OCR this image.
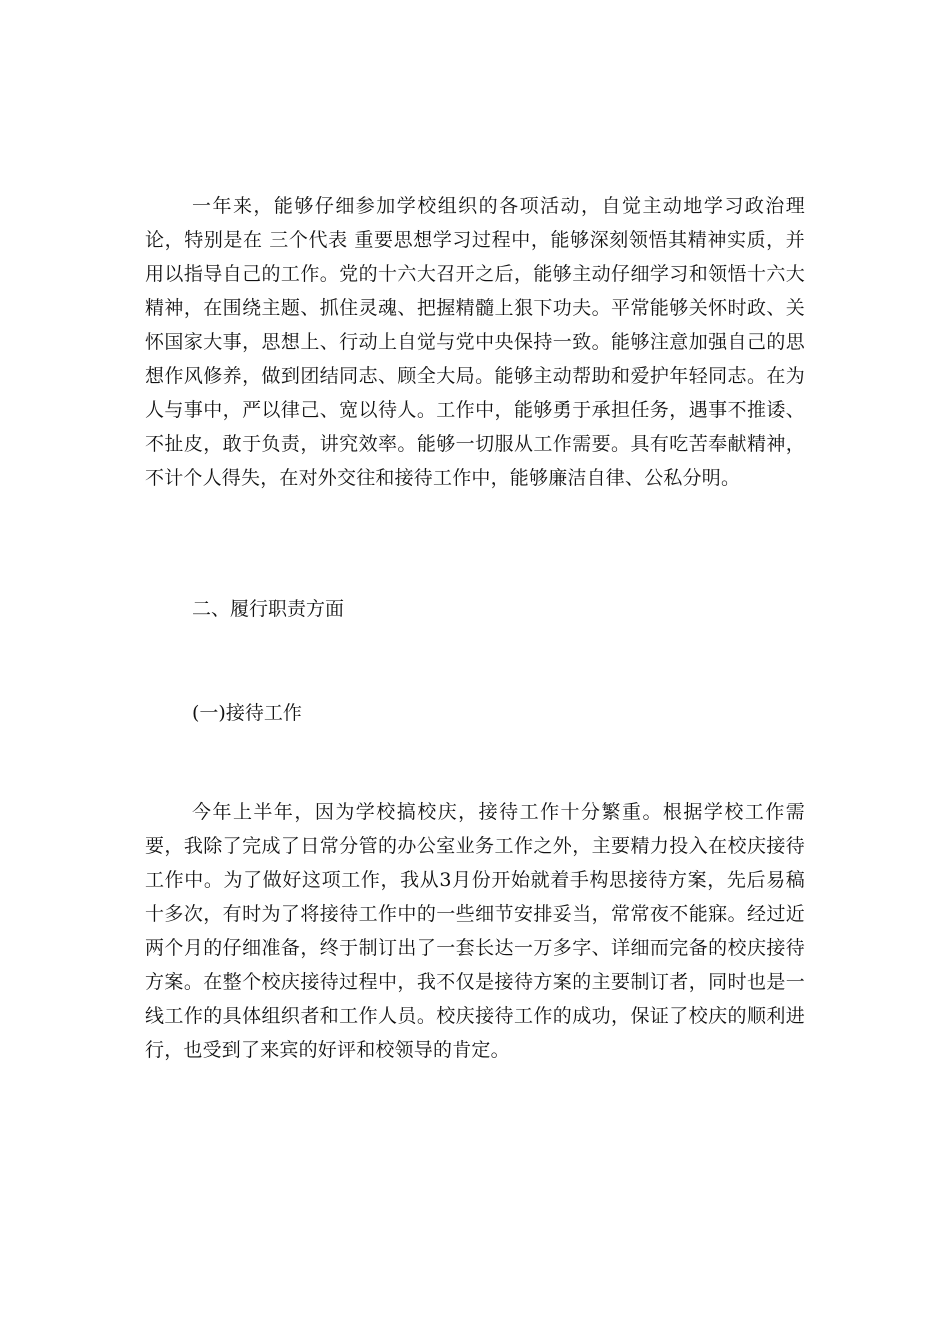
一年来，能够仔细参加学校组织的各项活动，自觉主动地学习政治理论，特别是在 三个代表 重要思想学习过程中，能够深刻领悟其精神实质，并用以指导自己的工作。党的十六大召开之后，能够主动仔细学习和领悟十六大精神，在围绕主题、抓住灵魂、把握精髓上狠下功夫。平常能够关怀时政、关怀国家大事，思想上、行动上自觉与党中央保持一致。能够注意加强自己的思想作风修养，做到团结同志、顾全大局。能够主动帮助和爱护年轻同志。在为人与事中，严以律己、宽以待人。工作中，能够勇于承担任务，遇事不推诿、不扯皮，敢于负责，讲究效率。能够一切服从工作需要。具有吃苦奉献精神，不计个人得失，在对外交往和接待工作中，能够廉洁自律、公私分明。

二、履行职责方面

(一)接待工作

今年上半年，因为学校搞校庆，接待工作十分繁重。根据学校工作需要，我除了完成了日常分管的办公室业务工作之外，主要精力投入在校庆接待工作中。为了做好这项工作，我从3月份开始就着手构思接待方案，先后易稿十多次，有时为了将接待工作中的一些细节安排妥当，常常夜不能寐。经过近两个月的仔细准备，终于制订出了一套长达一万多字、详细而完备的校庆接待方案。在整个校庆接待过程中，我不仅是接待方案的主要制订者，同时也是一线工作的具体组织者和工作人员。校庆接待工作的成功，保证了校庆的顺利进行，也受到了来宾的好评和校领导的肯定。
